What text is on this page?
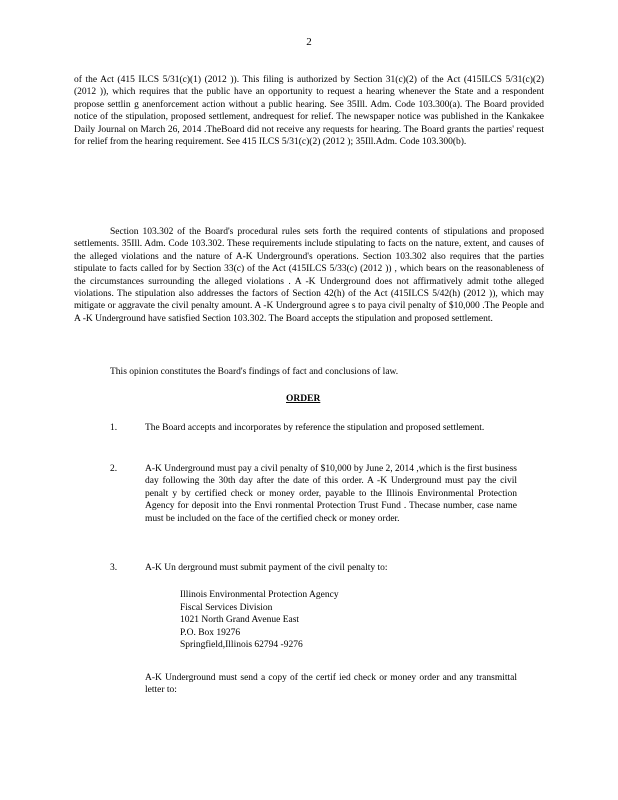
2

of the Act (415 ILCS 5/31(c)(1) (2012 )). This filing is authorized by Section 31(c)(2) of the Act (415ILCS 5/31(c)(2) (2012 )), which requires that the public have an opportunity to request a hearing whenever the State and a respondent propose settlin g anenforcement action without a public hearing. See 35Ill. Adm. Code 103.300(a). The Board provided notice of the stipulation, proposed settlement, andrequest for relief. The newspaper notice was published in the Kankakee Daily Journal on March 26, 2014 .TheBoard did not receive any requests for hearing. The Board grants the parties' request for relief from the hearing requirement. See 415 ILCS 5/31(c)(2) (2012 ); 35Ill.Adm. Code 103.300(b).

Section 103.302 of the Board's procedural rules sets forth the required contents of stipulations and proposed settlements. 35Ill. Adm. Code 103.302. These requirements include stipulating to facts on the nature, extent, and causes of the alleged violations and the nature of A-K Underground's operations. Section 103.302 also requires that the parties stipulate to facts called for by Section 33(c) of the Act (415ILCS 5/33(c) (2012 )) , which bears on the reasonableness of the circumstances surrounding the alleged violations . A -K Underground does not affirmatively admit tothe alleged violations. The stipulation also addresses the factors of Section 42(h) of the Act (415ILCS 5/42(h) (2012 )), which may mitigate or aggravate the civil penalty amount. A -K Underground agree s to paya civil penalty of $10,000 .The People and A -K Underground have satisfied Section 103.302. The Board accepts the stipulation and proposed settlement.

This opinion constitutes the Board's findings of fact and conclusions of law.

ORDER
1.	The Board accepts and incorporates by reference the stipulation and proposed settlement.

2.	A-K Underground must pay a civil penalty of $10,000 by June 2, 2014 ,which is the first business day following the 30th day after the date of this order. A -K Underground must pay the civil penalt y by certified check or money order, payable to the Illinois Environmental Protection Agency for deposit into the Envi ronmental Protection Trust Fund . Thecase number, case name must be included on the face of the certified check or money order.

3.	A-K Un derground must submit payment of the civil penalty to:

Illinois Environmental Protection Agency
Fiscal Services Division
1021 North Grand Avenue East
P.O. Box 19276
Springfield,Illinois 62794 -9276

A-K Underground must send a copy of the certif ied check or money order and any transmittal letter to:
